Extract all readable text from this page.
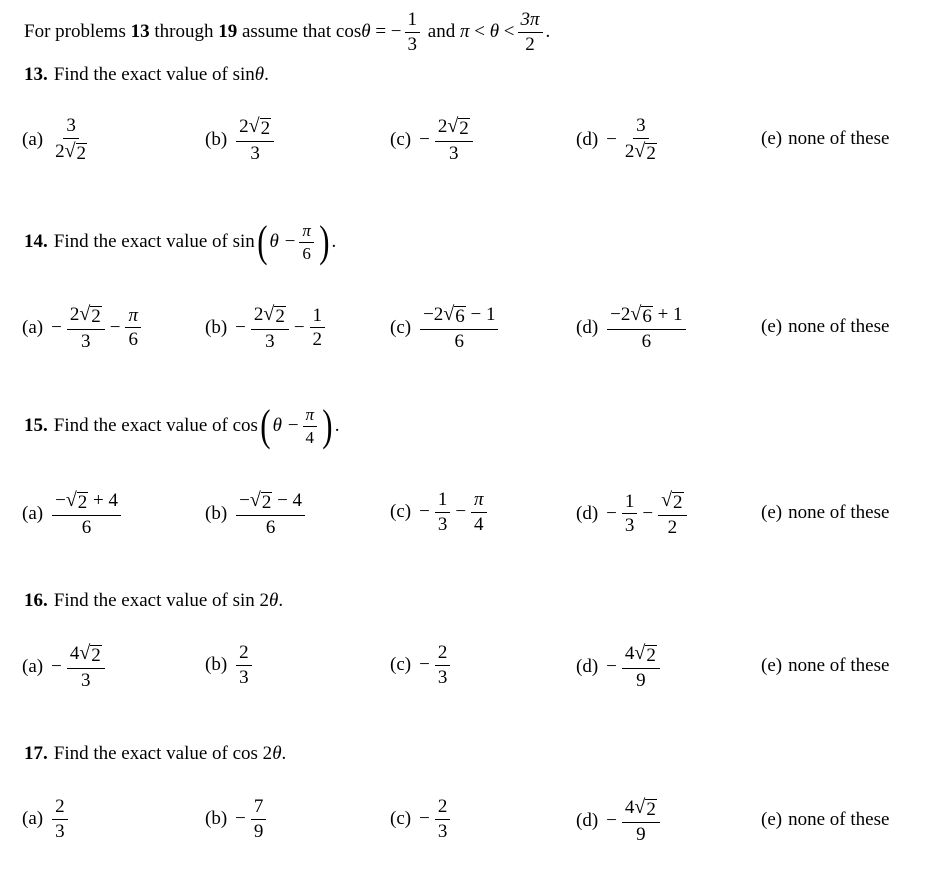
For problems
13
through
19
assume that
cos θ
= − $\frac{1}{3}$
and
π
<
θ
< $\frac{3\pi}{2}$ .
13. Find the exact value of
sin θ .
$(a) \frac{3}{2 √ 2}$	$(b) \frac{2 √ 2}{3}$	$(c) - \frac{2 √ 2}{3}$	$(d) - \frac{3}{2 √ 2}$	(e) none of these
14. Find the exact value of
sin ( $\theta - \frac{\pi}{6}$ ) .
$(a) - \frac{2 √ 2}{3} - \frac{\pi}{6}$	$(b) - \frac{2 √ 2}{3} - \frac{1}{2}$	$(c) \frac{-2 √ 6 - 1}{6}$	$(d) \frac{-2 √ 6 + 1}{6}$	(e) none of these
15. Find the exact value of
cos ( $\theta - \frac{\pi}{4}$ ) .
$(a) \frac{- √ 2 + 4}{6}$	$(b) \frac{- √ 2 - 4}{6}$	$(c) - \frac{1}{3} - \frac{\pi}{4}$	$(d) - \frac{1}{3} - \frac{√ 2}{2}$	(e) none of these
16. Find the exact value of
sin 2 θ .
$(a) - \frac{4 √ 2}{3}$	$(b) \frac{2}{3}$	$(c) - \frac{2}{3}$	$(d) - \frac{4 √ 2}{9}$	(e) none of these
17. Find the exact value of
cos 2 θ .
$(a) \frac{2}{3}$	$(b) - \frac{7}{9}$	$(c) - \frac{2}{3}$	$(d) - \frac{4 √ 2}{9}$	(e) none of these
